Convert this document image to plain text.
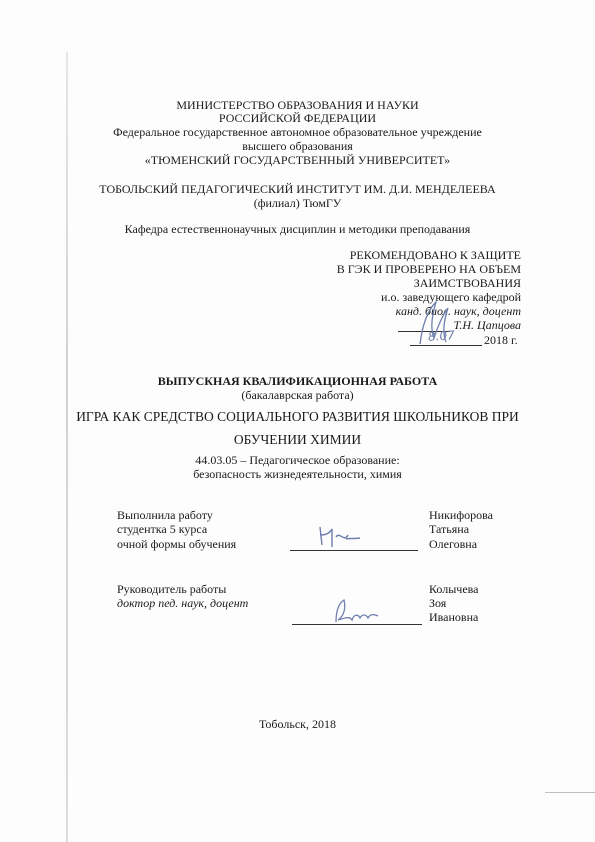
МИНИСТЕРСТВО ОБРАЗОВАНИЯ И НАУКИ
РОССИЙСКОЙ ФЕДЕРАЦИИ
Федеральное государственное автономное образовательное учреждение
высшего образования
«ТЮМЕНСКИЙ ГОСУДАРСТВЕННЫЙ УНИВЕРСИТЕТ»
ТОБОЛЬСКИЙ ПЕДАГОГИЧЕСКИЙ ИНСТИТУТ ИМ. Д.И. МЕНДЕЛЕЕВА
(филиал) ТюмГУ
Кафедра естественнонаучных дисциплин и методики преподавания
РЕКОМЕНДОВАНО К ЗАЩИТЕ
В ГЭК И ПРОВЕРЕНО НА ОБЪЕМ
ЗАИМСТВОВАНИЯ
и.о. заведующего кафедрой
канд. биол. наук, доцент
Т.Н. Цапцова
8.07 2018 г.
ВЫПУСКНАЯ КВАЛИФИКАЦИОННАЯ РАБОТА
(бакалаврская работа)
ИГРА КАК СРЕДСТВО СОЦИАЛЬНОГО РАЗВИТИЯ ШКОЛЬНИКОВ ПРИ
ОБУЧЕНИИ ХИМИИ
44.03.05 – Педагогическое образование:
безопасность жизнедеятельности, химия
Выполнила работу
студентка 5 курса
очной формы обучения
Никифорова
Татьяна
Олеговна
Руководитель работы
доктор пед. наук, доцент
Колычева
Зоя
Ивановна
Тобольск, 2018
